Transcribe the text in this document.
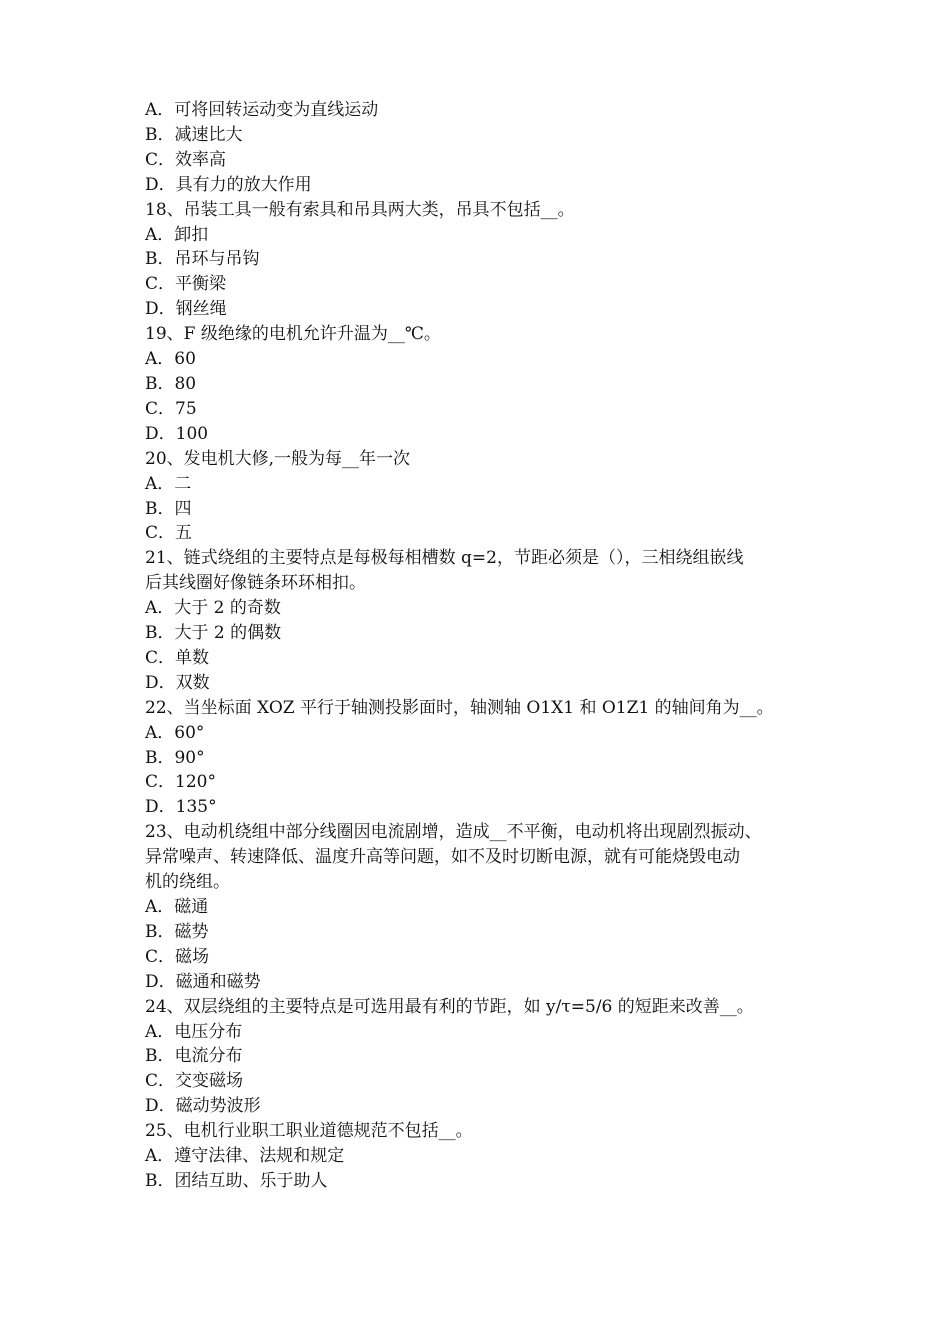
A．可将回转运动变为直线运动
B．减速比大
C．效率高
D．具有力的放大作用
18、吊装工具一般有索具和吊具两大类，吊具不包括__。
A．卸扣
B．吊环与吊钩
C．平衡梁
D．钢丝绳
19、F 级绝缘的电机允许升温为__℃。
A．60
B．80
C．75
D．100
20、发电机大修,一般为每__年一次
A．二
B．四
C．五
21、链式绕组的主要特点是每极每相槽数 q=2，节距必须是（），三相绕组嵌线
后其线圈好像链条环环相扣。
A．大于 2 的奇数
B．大于 2 的偶数
C．单数
D．双数
22、当坐标面 XOZ 平行于轴测投影面时，轴测轴 O1X1 和 O1Z1 的轴间角为__。
A．60°
B．90°
C．120°
D．135°
23、电动机绕组中部分线圈因电流剧增，造成__不平衡，电动机将出现剧烈振动、
异常噪声、转速降低、温度升高等问题，如不及时切断电源，就有可能烧毁电动
机的绕组。
A．磁通
B．磁势
C．磁场
D．磁通和磁势
24、双层绕组的主要特点是可选用最有利的节距，如 y/τ=5/6 的短距来改善__。
A．电压分布
B．电流分布
C．交变磁场
D．磁动势波形
25、电机行业职工职业道德规范不包括__。
A．遵守法律、法规和规定
B．团结互助、乐于助人
